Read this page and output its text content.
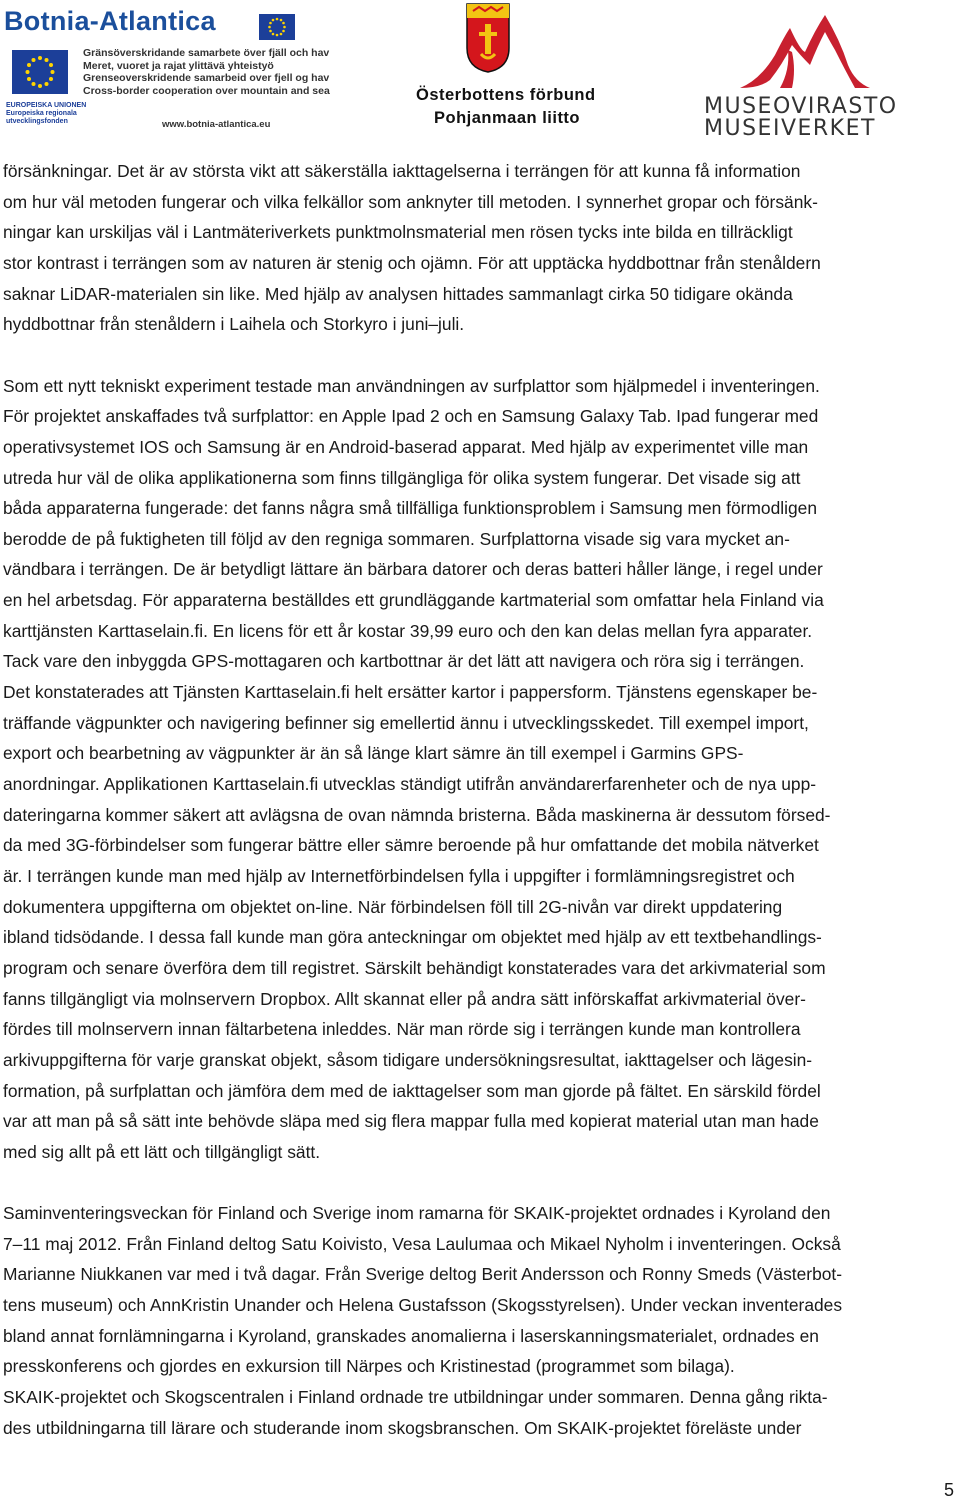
Botnia-Atlantica
Gränsöverskridande samarbete över fjäll och hav
Meret, vuoret ja rajat ylittävä yhteistyö
Grenseoverskridende samarbeid over fjell og hav
Cross-border cooperation over mountain and sea
EUROPEISKA UNIONEN
Europeiska regionala
utvecklingsfonden	www.botnia-atlantica.eu
Österbottens förbund
Pohjanmaan liitto	MUSEOVIRASTO
MUSEIVERKET
försänkningar. Det är av största vikt att säkerställa iakttagelserna i terrängen för att kunna få information
om hur väl metoden fungerar och vilka felkällor som anknyter till metoden. I synnerhet gropar och försänk-
ningar kan urskiljas väl i Lantmäteriverkets punktmolnsmaterial men rösen tycks inte bilda en tillräckligt
stor kontrast i terrängen som av naturen är stenig och ojämn. För att upptäcka hyddbottnar från stenåldern
saknar LiDAR-materialen sin like. Med hjälp av analysen hittades sammanlagt cirka 50 tidigare okända
hyddbottnar från stenåldern i Laihela och Storkyro i juni–juli.
Som ett nytt tekniskt experiment testade man användningen av surfplattor som hjälpmedel i inventeringen.
För projektet anskaffades två surfplattor: en Apple Ipad 2 och en Samsung Galaxy Tab. Ipad fungerar med
operativsystemet IOS och Samsung är en Android-baserad apparat. Med hjälp av experimentet ville man
utreda hur väl de olika applikationerna som finns tillgängliga för olika system fungerar. Det visade sig att
båda apparaterna fungerade: det fanns några små tillfälliga funktionsproblem i Samsung men förmodligen
berodde de på fuktigheten till följd av den regniga sommaren. Surfplattorna visade sig vara mycket an-
vändbara i terrängen. De är betydligt lättare än bärbara datorer och deras batteri håller länge, i regel under
en hel arbetsdag. För apparaterna beställdes ett grundläggande kartmaterial som omfattar hela Finland via
karttjänsten Karttaselain.fi. En licens för ett år kostar 39,99 euro och den kan delas mellan fyra apparater.
Tack vare den inbyggda GPS-mottagaren och kartbottnar är det lätt att navigera och röra sig i terrängen.
Det konstaterades att Tjänsten Karttaselain.fi helt ersätter kartor i pappersform. Tjänstens egenskaper be-
träffande vägpunkter och navigering befinner sig emellertid ännu i utvecklingsskedet. Till exempel import,
export och bearbetning av vägpunkter är än så länge klart sämre än till exempel i Garmins GPS-
anordningar. Applikationen Karttaselain.fi utvecklas ständigt utifrån användarerfarenheter och de nya upp-
dateringarna kommer säkert att avlägsna de ovan nämnda bristerna. Båda maskinerna är dessutom försed-
da med 3G-förbindelser som fungerar bättre eller sämre beroende på hur omfattande det mobila nätverket
är. I terrängen kunde man med hjälp av Internetförbindelsen fylla i uppgifter i formlämningsregistret och
dokumentera uppgifterna om objektet on-line. När förbindelsen föll till 2G-nivån var direkt uppdatering
ibland tidsödande. I dessa fall kunde man göra anteckningar om objektet med hjälp av ett textbehandlings-
program och senare överföra dem till registret. Särskilt behändigt konstaterades vara det arkivmaterial som
fanns tillgängligt via molnservern Dropbox. Allt skannat eller på andra sätt införskaffat arkivmaterial över-
fördes till molnservern innan fältarbetena inleddes. När man rörde sig i terrängen kunde man kontrollera
arkivuppgifterna för varje granskat objekt, såsom tidigare undersökningsresultat, iakttagelser och lägesin-
formation, på surfplattan och jämföra dem med de iakttagelser som man gjorde på fältet. En särskild fördel
var att man på så sätt inte behövde släpa med sig flera mappar fulla med kopierat material utan man hade
med sig allt på ett lätt och tillgängligt sätt.
Saminventeringsveckan för Finland och Sverige inom ramarna för SKAIK-projektet ordnades i Kyroland den
7–11 maj 2012. Från Finland deltog Satu Koivisto, Vesa Laulumaa och Mikael Nyholm i inventeringen. Också
Marianne Niukkanen var med i två dagar. Från Sverige deltog Berit Andersson och Ronny Smeds (Västerbot-
tens museum) och AnnKristin Unander och Helena Gustafsson (Skogsstyrelsen). Under veckan inventerades
bland annat fornlämningarna i Kyroland, granskades anomalierna i laserskanningsmaterialet, ordnades en
presskonferens och gjordes en exkursion till Närpes och Kristinestad (programmet som bilaga).
SKAIK-projektet och Skogscentralen i Finland ordnade tre utbildningar under sommaren. Denna gång rikta-
des utbildningarna till lärare och studerande inom skogsbranschen. Om SKAIK-projektet föreläste under
5
